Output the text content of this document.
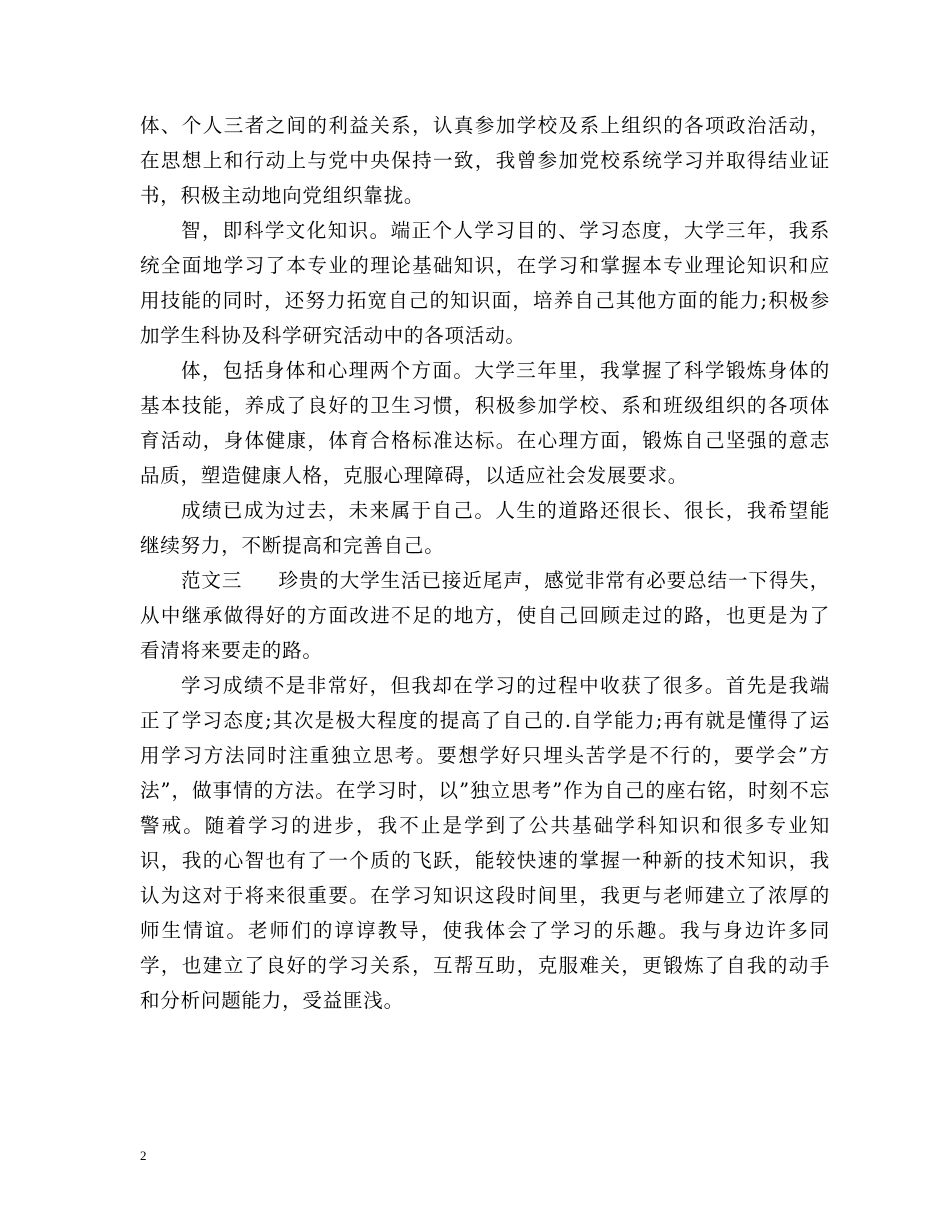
体、个人三者之间的利益关系，认真参加学校及系上组织的各项政治活动，在思想上和行动上与党中央保持一致，我曾参加党校系统学习并取得结业证书，积极主动地向党组织靠拢。

智，即科学文化知识。端正个人学习目的、学习态度，大学三年，我系统全面地学习了本专业的理论基础知识，在学习和掌握本专业理论知识和应用技能的同时，还努力拓宽自己的知识面，培养自己其他方面的能力;积极参加学生科协及科学研究活动中的各项活动。

体，包括身体和心理两个方面。大学三年里，我掌握了科学锻炼身体的基本技能，养成了良好的卫生习惯，积极参加学校、系和班级组织的各项体育活动，身体健康，体育合格标准达标。在心理方面，锻炼自己坚强的意志品质，塑造健康人格，克服心理障碍，以适应社会发展要求。

成绩已成为过去，未来属于自己。人生的道路还很长、很长，我希望能继续努力，不断提高和完善自己。

范文三 珍贵的大学生活已接近尾声，感觉非常有必要总结一下得失，从中继承做得好的方面改进不足的地方，使自己回顾走过的路，也更是为了看清将来要走的路。

学习成绩不是非常好，但我却在学习的过程中收获了很多。首先是我端正了学习态度;其次是极大程度的提高了自己的.自学能力;再有就是懂得了运用学习方法同时注重独立思考。要想学好只埋头苦学是不行的，要学会”方法”，做事情的方法。在学习时，以”独立思考”作为自己的座右铭，时刻不忘警戒。随着学习的进步，我不止是学到了公共基础学科知识和很多专业知识，我的心智也有了一个质的飞跃，能较快速的掌握一种新的技术知识，我认为这对于将来很重要。在学习知识这段时间里，我更与老师建立了浓厚的师生情谊。老师们的谆谆教导，使我体会了学习的乐趣。我与身边许多同学，也建立了良好的学习关系，互帮互助，克服难关，更锻炼了自我的动手和分析问题能力，受益匪浅。

2
